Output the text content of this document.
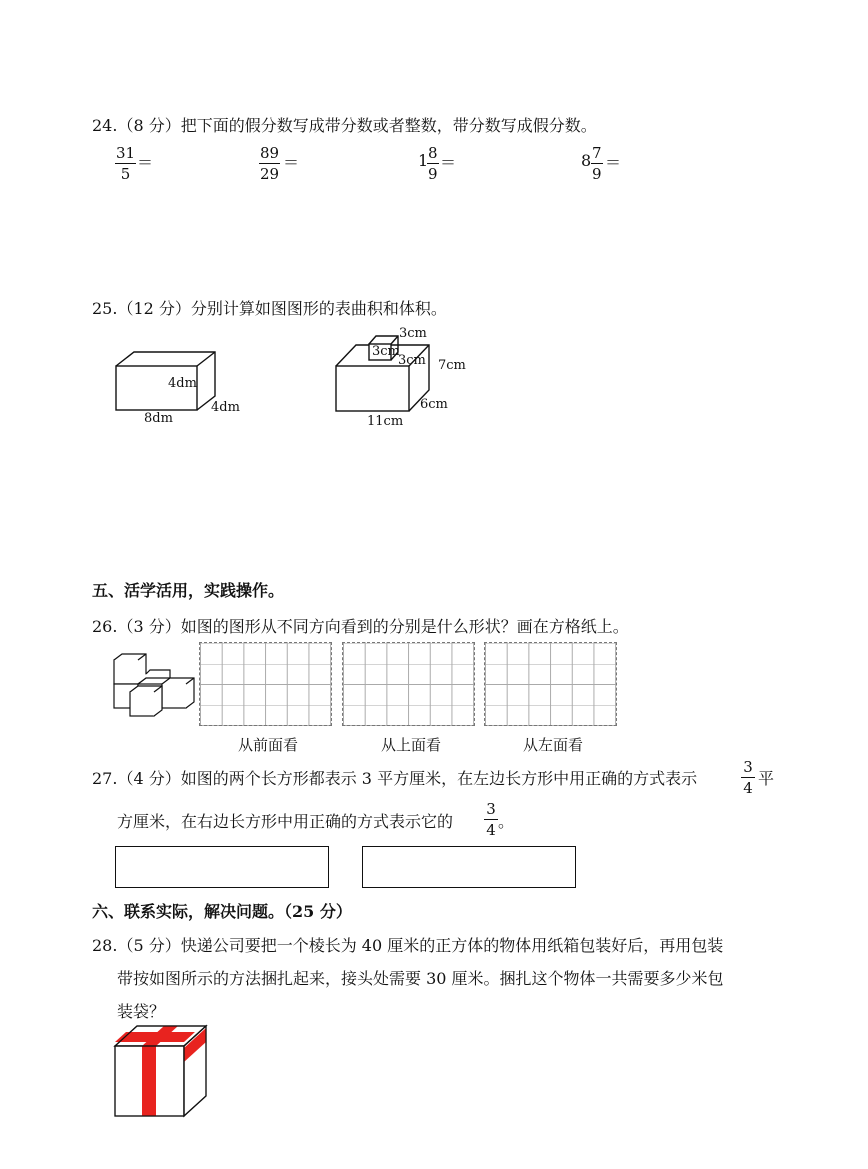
24.（8 分）把下面的假分数写成带分数或者整数，带分数写成假分数。
31
5
＝	89
29
＝	1 8
9
＝	8 7
9
＝
25.（12 分）分别计算如图图形的表曲积和体积。
4dm
8dm
4dm
3cm
3cm
3cm 7cm
6cm
11cm
五、活学活用，实践操作。
26.（3 分）如图的图形从不同方向看到的分别是什么形状？画在方格纸上。
从前面看	从上面看	从左面看
27.（4 分）如图的两个长方形都表示 3 平方厘米，在左边长方形中用正确的方式表示
3
4 平
方厘米，在右边长方形中用正确的方式表示它的
3
4 。
六、联系实际，解决问题。（25 分）
28.（5 分）快递公司要把一个棱长为 40 厘米的正方体的物体用纸箱包装好后，再用包装
带按如图所示的方法捆扎起来，接头处需要 30 厘米。捆扎这个物体一共需要多少米包
装袋？
